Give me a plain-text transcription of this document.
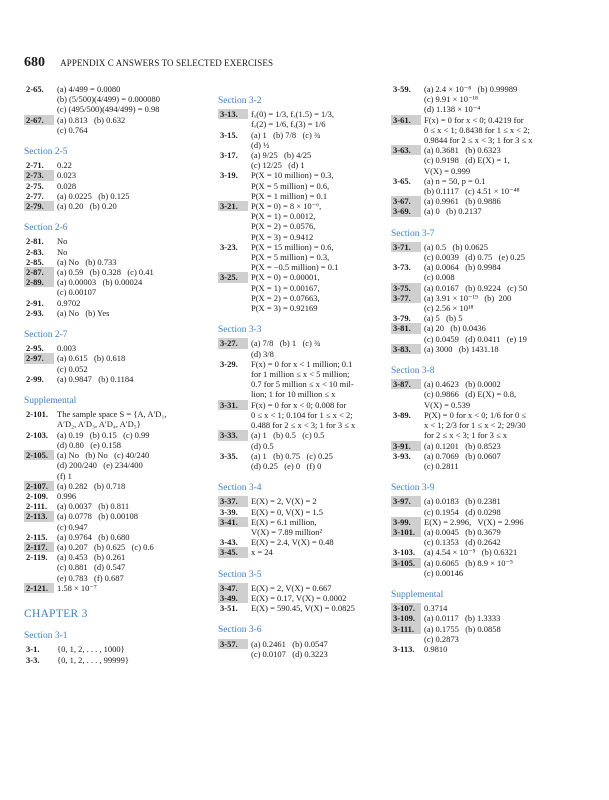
680 APPENDIX C ANSWERS TO SELECTED EXERCISES
2-65.	(a) 4/499 = 0.0080
(b) (5/500)(4/499) = 0.000080
(c) (495/500)(494/499) = 0.98
2-67.	(a) 0.813   (b) 0.632
(c) 0.764
Section 2-5
2-71.	0.22
2-73.	0.023
2-75.	0.028
2-77.	(a) 0.0225   (b) 0.125
2-79.	(a) 0.20   (b) 0.20
Section 2-6
2-81.	No
2-83.	No
2-85.	(a) No   (b) 0.733
2-87.	(a) 0.59   (b) 0.328   (c) 0.41
2-89.	(a) 0.00003   (b) 0.00024
(c) 0.00107
2-91.	0.9702
2-93.	(a) No   (b) Yes
Section 2-7
2-95.	0.003
2-97.	(a) 0.615   (b) 0.618
(c) 0.052
2-99.	(a) 0.9847   (b) 0.1184
Supplemental
2-101.	The sample space S = {A, A′D₁,
A′D₂, A′D₃, A′D₄, A′D₅}
2-103.	(a) 0.19   (b) 0.15   (c) 0.99
(d) 0.80   (e) 0.158
2-105.	(a) No   (b) No   (c) 40/240
(d) 200/240   (e) 234/400
(f) 1
2-107.	(a) 0.282   (b) 0.718
2-109.	0.996
2-111.	(a) 0.0037   (b) 0.811
2-113.	(a) 0.0778   (b) 0.00108
(c) 0.947
2-115.	(a) 0.9764   (b) 0.680
2-117.	(a) 0.207   (b) 0.625   (c) 0.6
2-119.	(a) 0.453   (b) 0.261
(c) 0.881   (d) 0.547
(e) 0.783   (f) 0.687
2-121.	1.58 × 10⁻⁷
CHAPTER 3
Section 3-1
3-1.	{0, 1, 2, . . . , 1000}
3-3.	{0, 1, 2, . . . , 99999}
Section 3-2
3-13.	fₓ(0) = 1/3, fₓ(1.5) = 1/3,
fₓ(2) = 1/6, fₓ(3) = 1/6
3-15.	(a) 1   (b) 7/8   (c) ¾
(d) ½
3-17.	(a) 9/25   (b) 4/25
(c) 12/25   (d) 1
3-19.	P(X = 10 million) = 0.3,
P(X = 5 million) = 0.6,
P(X = 1 million) = 0.1
3-21.	P(X = 0) = 8 × 10⁻⁶,
P(X = 1) = 0.0012,
P(X = 2) = 0.0576,
P(X = 3) = 0.9412
3-23.	P(X = 15 million) = 0.6,
P(X = 5 million) = 0.3,
P(X = −0.5 million) = 0.1
3-25.	P(X = 0) = 0.00001,
P(X = 1) = 0.00167,
P(X = 2) = 0.07663,
P(X = 3) = 0.92169
Section 3-3
3-27.	(a) 7/8   (b) 1   (c) ¾
(d) 3/8
3-29.	F(x) = 0 for x < 1 million; 0.1
for 1 million ≤ x < 5 million;
0.7 for 5 million ≤ x < 10 mil-
lion; 1 for 10 million ≤ x
3-31.	F(x) = 0 for x < 0; 0.008 for
0 ≤ x < 1; 0.104 for 1 ≤ x < 2;
0.488 for 2 ≤ x < 3; 1 for 3 ≤ x
3-33.	(a) 1   (b) 0.5   (c) 0.5
(d) 0.5
3-35.	(a) 1   (b) 0.75   (c) 0.25
(d) 0.25   (e) 0   (f) 0
Section 3-4
3-37.	E(X) = 2, V(X) = 2
3-39.	E(X) = 0, V(X) = 1.5
3-41.	E(X) = 6.1 million,
V(X) = 7.89 million²
3-43.	E(X) = 2.4, V(X) = 0.48
3-45.	x = 24
Section 3-5
3-47.	E(X) = 2, V(X) = 0.667
3-49.	E(X) = 0.17, V(X) = 0.0002
3-51.	E(X) = 590.45, V(X) = 0.0825
Section 3-6
3-57.	(a) 0.2461   (b) 0.0547
(c) 0.0107   (d) 0.3223
3-59.	(a) 2.4 × 10⁻⁸   (b) 0.99989
(c) 9.91 × 10⁻¹⁸
(d) 1.138 × 10⁻⁴
3-61.	F(x) = 0 for x < 0; 0.4219 for
0 ≤ x < 1; 0.8438 for 1 ≤ x < 2;
0.9844 for 2 ≤ x < 3; 1 for 3 ≤ x
3-63.	(a) 0.3681   (b) 0.6323
(c) 0.9198   (d) E(X) = 1,
V(X) = 0.999
3-65.	(a) n = 50, p = 0.1
(b) 0.1117   (c) 4.51 × 10⁻⁴⁸
3-67.	(a) 0.9961   (b) 0.9886
3-69.	(a) 0   (b) 0.2137
Section 3-7
3-71.	(a) 0.5   (b) 0.0625
(c) 0.0039   (d) 0.75   (e) 0.25
3-73.	(a) 0.0064   (b) 0.9984
(c) 0.008
3-75.	(a) 0.0167   (b) 0.9224   (c) 50
3-77.	(a) 3.91 × 10⁻¹⁹   (b)  200
(c) 2.56 × 10¹⁸
3-79.	(a) 5   (b) 5
3-81.	(a) 20   (b) 0.0436
(c) 0.0459   (d) 0.0411   (e) 19
3-83.	(a) 3000   (b) 1431.18
Section 3-8
3-87.	(a) 0.4623   (b) 0.0002
(c) 0.9866   (d) E(X) = 0.8,
V(X) = 0.539
3-89.	P(X) = 0 for x < 0; 1/6 for 0 ≤
x < 1; 2/3 for 1 ≤ x < 2; 29/30
for 2 ≤ x < 3; 1 for 3 ≤ x
3-91.	(a) 0.1201   (b) 0.8523
3-93.	(a) 0.7069   (b) 0.0607
(c) 0.2811
Section 3-9
3-97.	(a) 0.0183   (b) 0.2381
(c) 0.1954   (d) 0.0298
3-99.	E(X) = 2.996,   V(X) = 2.996
3-101.	(a) 0.0045   (b) 0.3679
(c) 0.1353   (d) 0.2642
3-103.	(a) 4.54 × 10⁻⁵   (b) 0.6321
3-105.	(a) 0.6065   (b) 8.9 × 10⁻⁵
(c) 0.00146
Supplemental
3-107.	0.3714
3-109.	(a) 0.0117   (b) 1.3333
3-111.	(a) 0.1755   (b) 0.0858
(c) 0.2873
3-113.	0.9810
